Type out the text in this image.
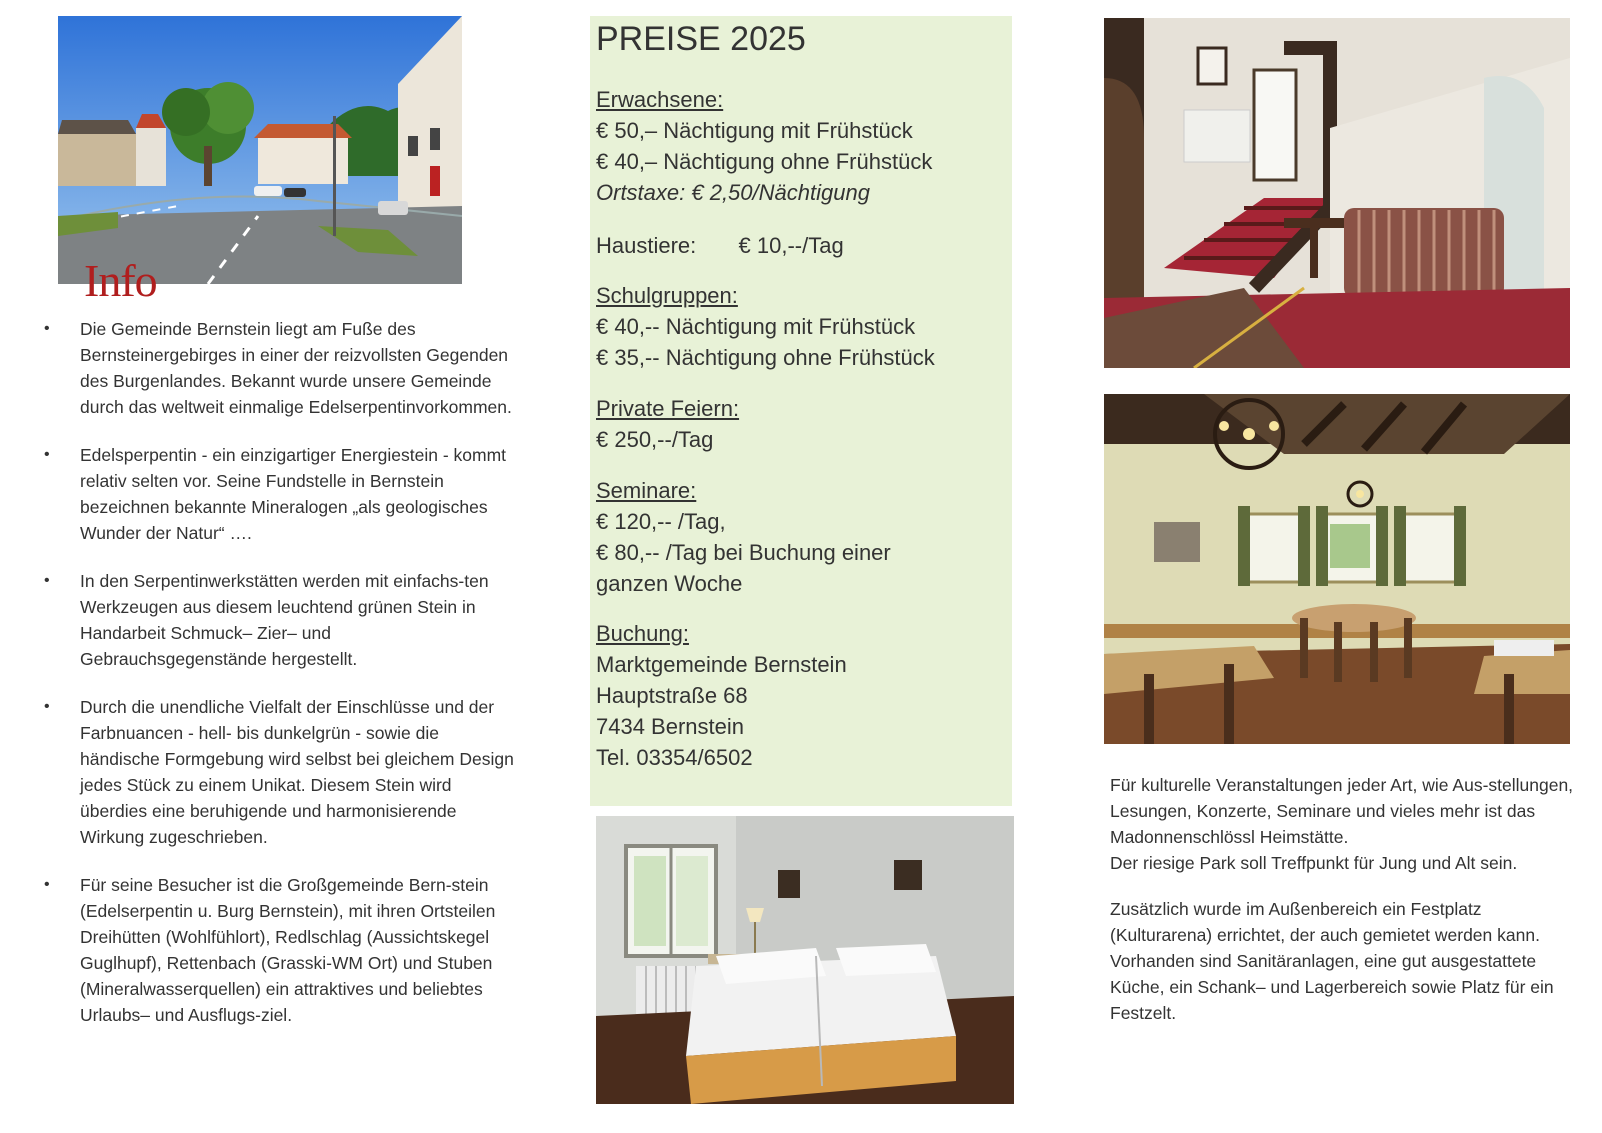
Info
• Die Gemeinde Bernstein liegt am Fuße des Bernsteinergebirges in einer der reizvollsten Gegenden des Burgenlandes. Bekannt wurde unsere Gemeinde durch das weltweit einmalige Edelserpentinvorkommen.
• Edelsperpentin - ein einzigartiger Energiestein - kommt relativ selten vor. Seine Fundstelle in Bernstein bezeichnen bekannte Mineralogen „als geologisches Wunder der Natur“ ….
• In den Serpentinwerkstätten werden mit einfachs-ten Werkzeugen aus diesem leuchtend grünen Stein in Handarbeit Schmuck– Zier– und Gebrauchsgegenstände hergestellt.
• Durch die unendliche Vielfalt der Einschlüsse und der Farbnuancen - hell- bis dunkelgrün - sowie die händische Formgebung wird selbst bei gleichem Design jedes Stück zu einem Unikat. Diesem Stein wird überdies eine beruhigende und harmonisierende Wirkung zugeschrieben.
• Für seine Besucher ist die Großgemeinde Bern-stein (Edelserpentin u. Burg Bernstein), mit ihren Ortsteilen Dreihütten (Wohlfühlort), Redlschlag (Aussichtskegel Guglhupf), Rettenbach (Grasski-WM Ort) und Stuben (Mineralwasserquellen) ein attraktives und beliebtes Urlaubs– und Ausflugs-ziel.
PREISE 2025
Erwachsene:
€ 50,– Nächtigung mit Frühstück
€ 40,– Nächtigung ohne Frühstück
Ortstaxe: € 2,50/Nächtigung
Haustiere: € 10,--/Tag
Schulgruppen:
€ 40,-- Nächtigung mit Frühstück
€ 35,-- Nächtigung ohne Frühstück
Private Feiern:
€ 250,--/Tag
Seminare:
€ 120,-- /Tag,
€ 80,-- /Tag bei Buchung einer
ganzen Woche
Buchung:
Marktgemeinde Bernstein
Hauptstraße 68
7434 Bernstein
Tel. 03354/6502
Für kulturelle Veranstaltungen jeder Art, wie Aus-stellungen, Lesungen, Konzerte, Seminare und vieles mehr ist das Madonnenschlössl Heimstätte.
Der riesige Park soll Treffpunkt für Jung und Alt sein.

Zusätzlich wurde im Außenbereich ein Festplatz (Kulturarena) errichtet, der auch gemietet werden kann. Vorhanden sind Sanitäranlagen, eine gut ausgestattete Küche, ein Schank– und Lagerbereich sowie Platz für ein Festzelt.
